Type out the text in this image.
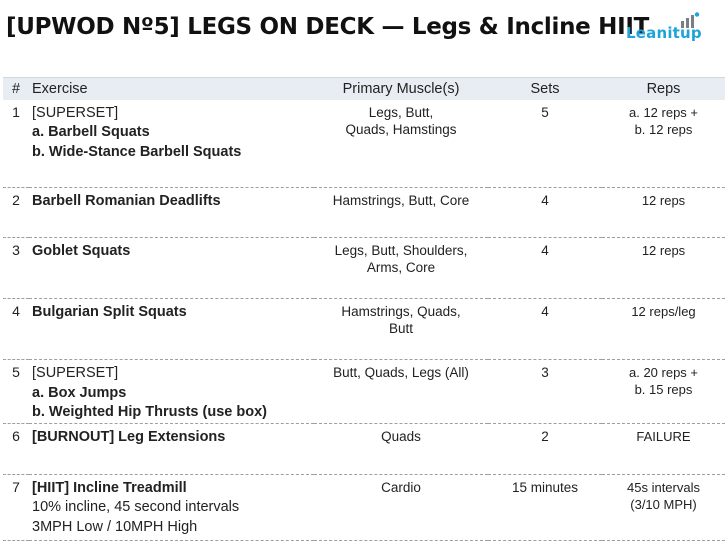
[UPWOD Nº5] LEGS ON DECK — Legs & Incline HIIT
Leanitup
#	Exercise	Primary Muscle(s)	Sets	Reps
1	[SUPERSET]
a. Barbell Squats
b. Wide-Stance Barbell Squats	Legs, Butt,
Quads, Hamstings	5	a. 12 reps +
b. 12 reps

2	Barbell Romanian Deadlifts	Hamstrings, Butt, Core	4	12 reps

3	Goblet Squats	Legs, Butt, Shoulders,
Arms, Core	4	12 reps

4	Bulgarian Split Squats	Hamstrings, Quads,
Butt	4	12 reps/leg

5	[SUPERSET]
a. Box Jumps
b. Weighted Hip Thrusts (use box)	Butt, Quads, Legs (All)	3	a. 20 reps +
b. 15 reps

6	[BURNOUT] Leg Extensions	Quads	2	FAILURE

7	[HIIT] Incline Treadmill
10% incline, 45 second intervals
3MPH Low / 10MPH High	Cardio	15 minutes	45s intervals
(3/10 MPH)
